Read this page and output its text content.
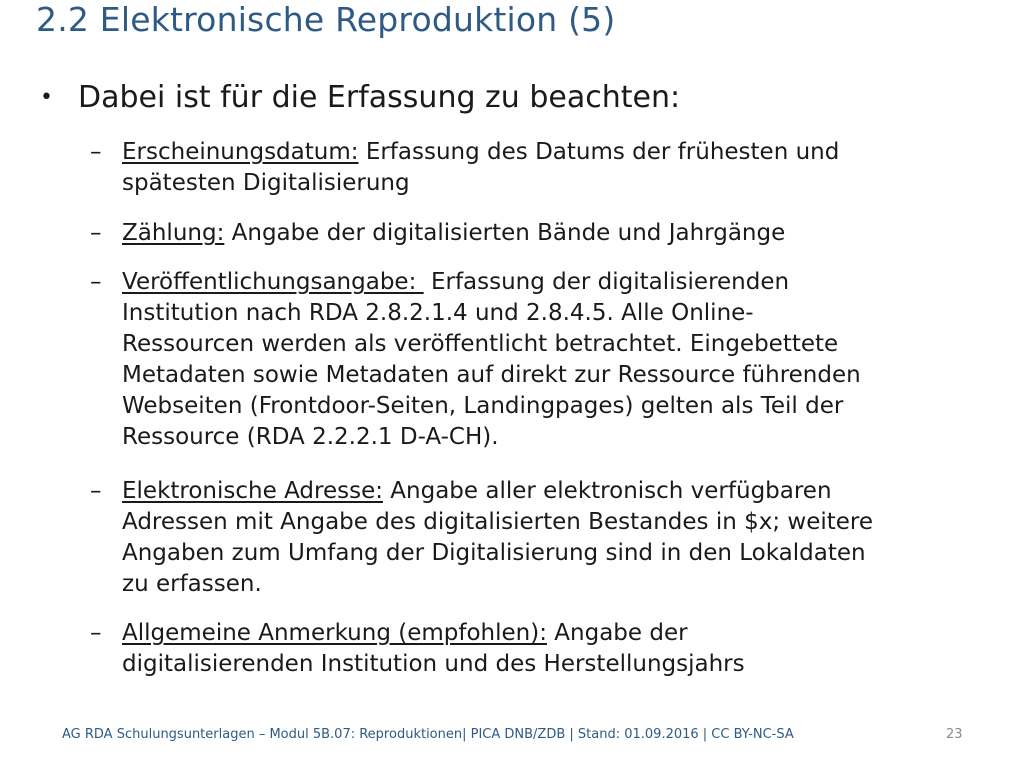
2.2 Elektronische Reproduktion (5)
• Dabei ist für die Erfassung zu beachten:
– Erscheinungsdatum: Erfassung des Datums der frühesten und
spätesten Digitalisierung
– Zählung: Angabe der digitalisierten Bände und Jahrgänge
– Veröffentlichungsangabe:  Erfassung der digitalisierenden
Institution nach RDA 2.8.2.1.4 und 2.8.4.5. Alle Online-
Ressourcen werden als veröffentlicht betrachtet. Eingebettete
Metadaten sowie Metadaten auf direkt zur Ressource führenden
Webseiten (Frontdoor-Seiten, Landingpages) gelten als Teil der
Ressource (RDA 2.2.2.1 D-A-CH).
– Elektronische Adresse: Angabe aller elektronisch verfügbaren
Adressen mit Angabe des digitalisierten Bestandes in $x; weitere
Angaben zum Umfang der Digitalisierung sind in den Lokaldaten
zu erfassen.
– Allgemeine Anmerkung (empfohlen): Angabe der
digitalisierenden Institution und des Herstellungsjahrs
AG RDA Schulungsunterlagen – Modul 5B.07: Reproduktionen| PICA DNB/ZDB | Stand: 01.09.2016 | CC BY-NC-SA	23
